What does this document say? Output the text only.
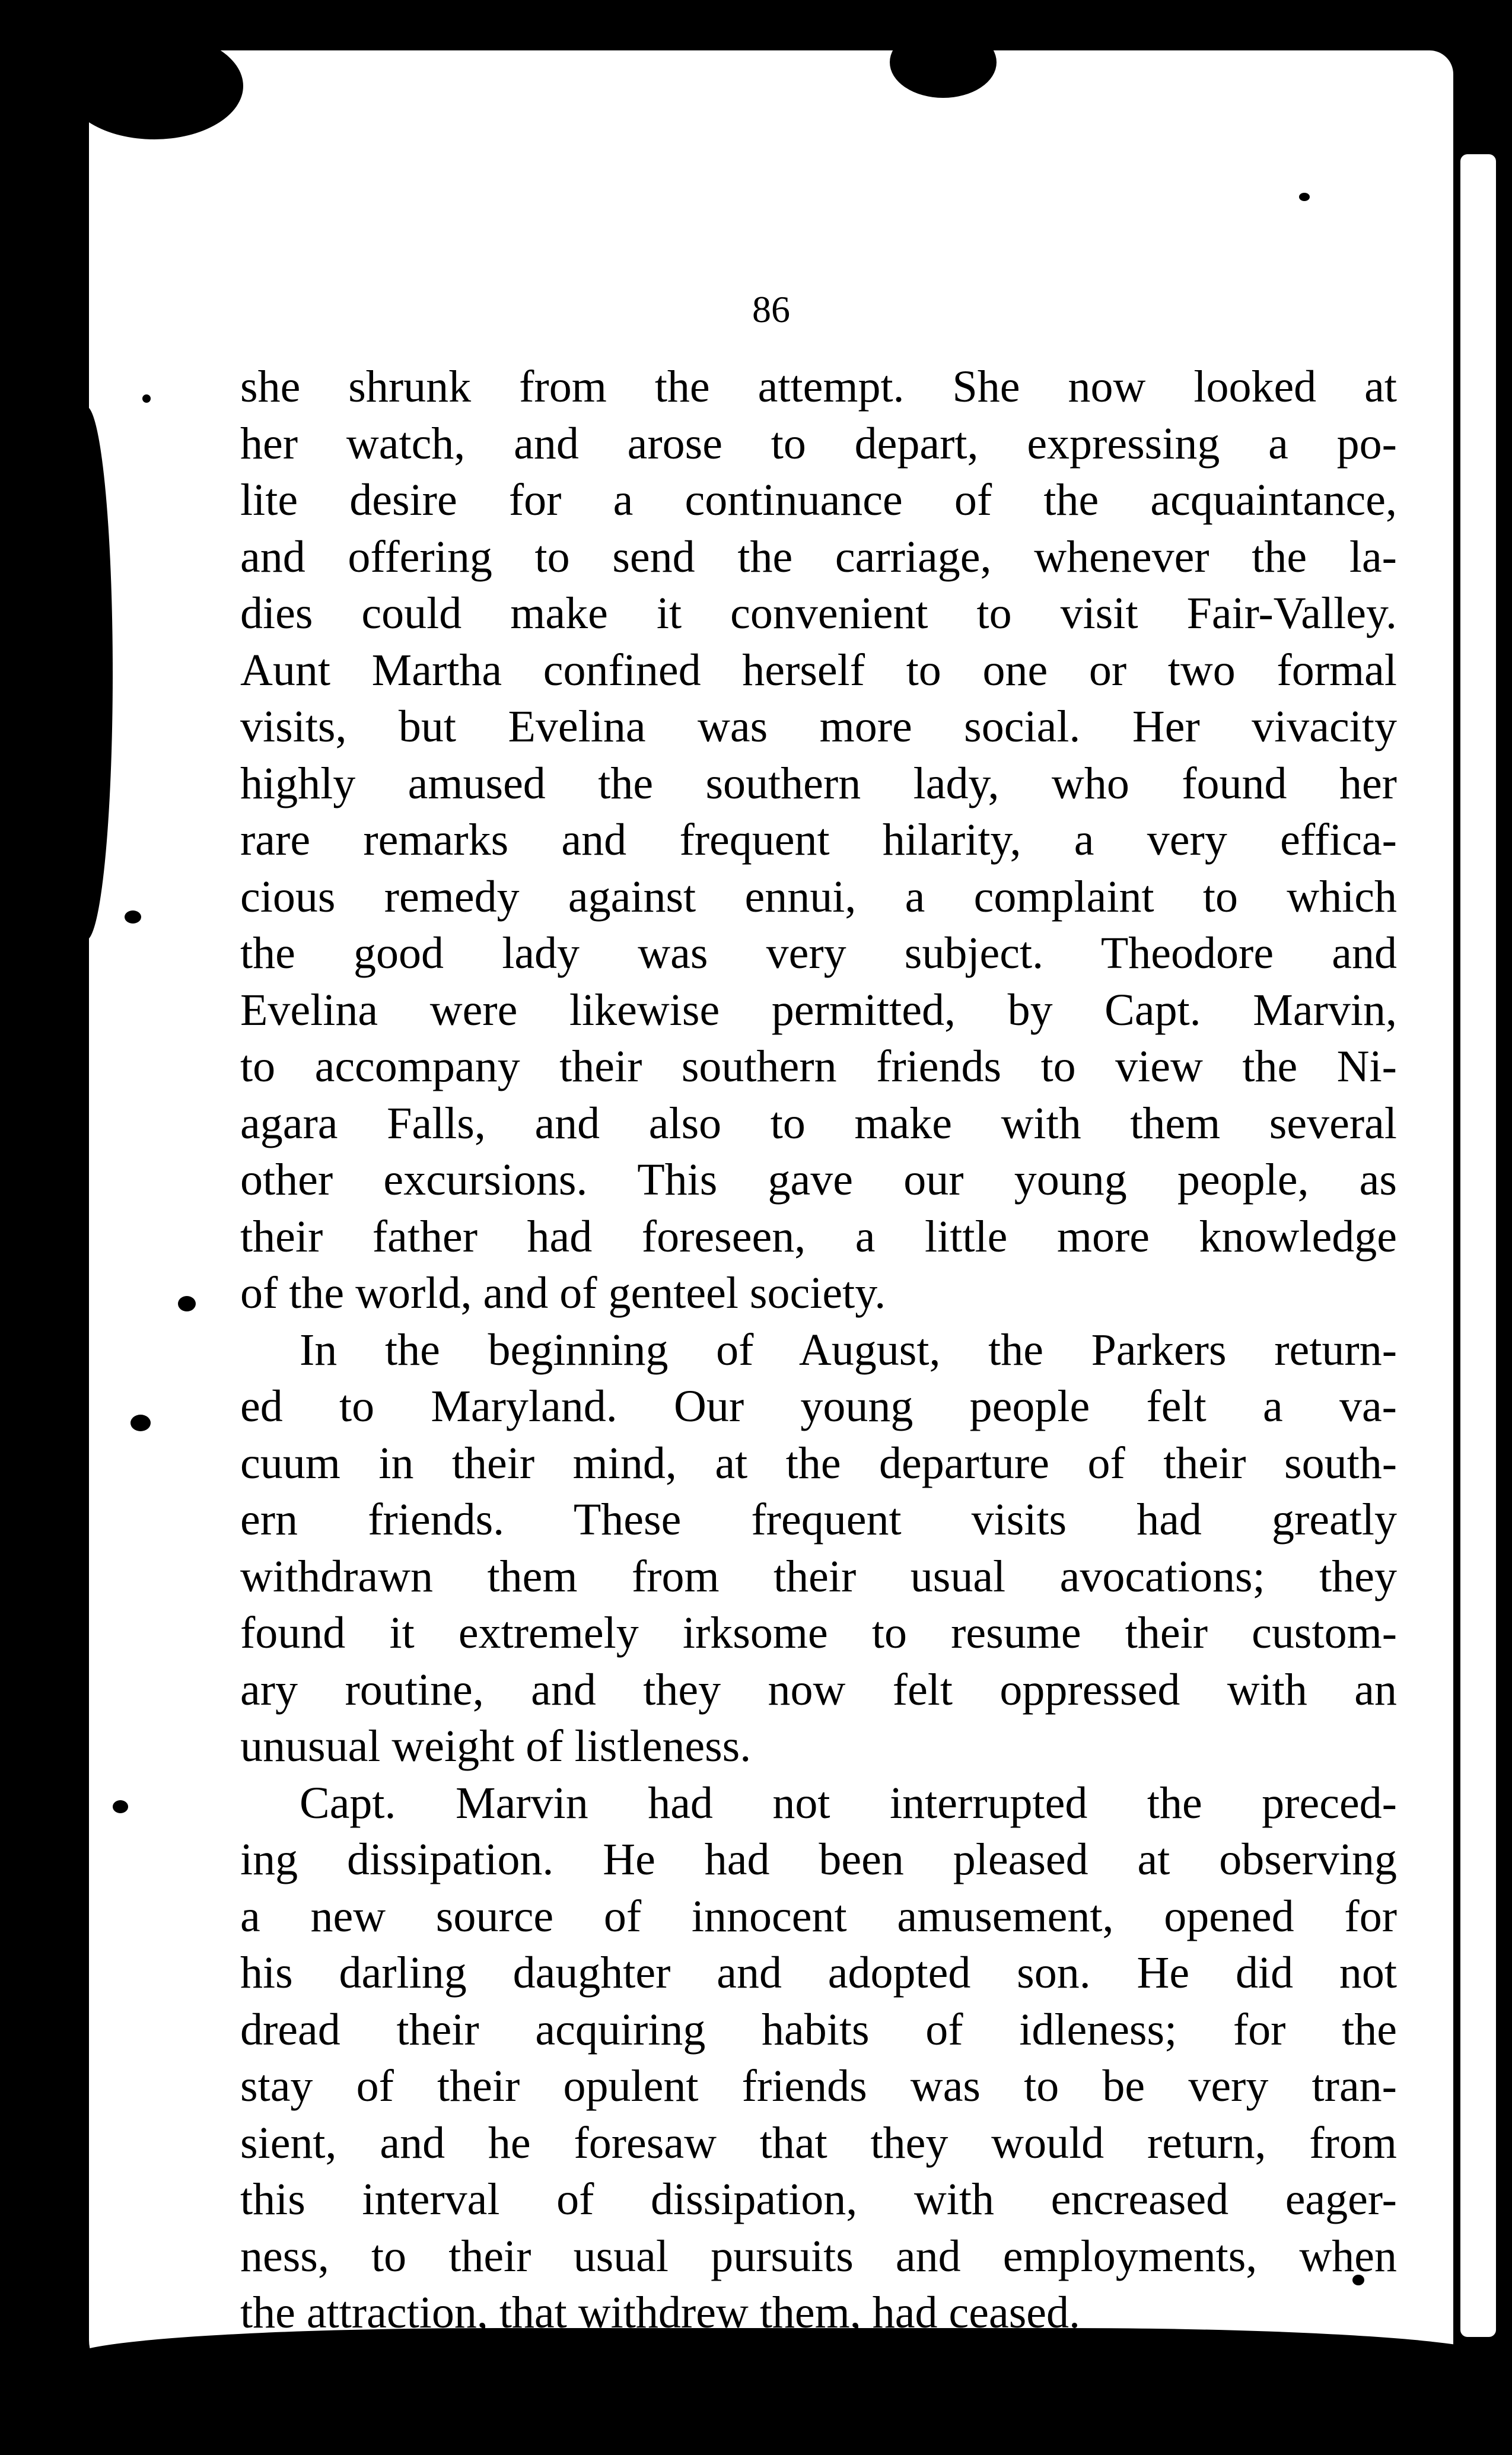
86
she shrunk from the attempt. She now looked at
her watch, and arose to depart, expressing a po-
lite desire for a continuance of the acquaintance,
and offering to send the carriage, whenever the la-
dies could make it convenient to visit Fair-Valley.
Aunt Martha confined herself to one or two formal
visits, but Evelina was more social. Her vivacity
highly amused the southern lady, who found her
rare remarks and frequent hilarity, a very effica-
cious remedy against ennui, a complaint to which
the good lady was very subject. Theodore and
Evelina were likewise permitted, by Capt. Marvin,
to accompany their southern friends to view the Ni-
agara Falls, and also to make with them several
other excursions. This gave our young people, as
their father had foreseen, a little more knowledge
of the world, and of genteel society.
In the beginning of August, the Parkers return-
ed to Maryland. Our young people felt a va-
cuum in their mind, at the departure of their south-
ern friends. These frequent visits had greatly
withdrawn them from their usual avocations; they
found it extremely irksome to resume their custom-
ary routine, and they now felt oppressed with an
unusual weight of listleness.
Capt. Marvin had not interrupted the preced-
ing dissipation. He had been pleased at observing
a new source of innocent amusement, opened for
his darling daughter and adopted son. He did not
dread their acquiring habits of idleness; for the
stay of their opulent friends was to be very tran-
sient, and he foresaw that they would return, from
this interval of dissipation, with encreased eager-
ness, to their usual pursuits and employments, when
the attraction, that withdrew them, had ceased.
He now took no notice of their listless demeanor
and apparent ennui: but wished, by letting them
